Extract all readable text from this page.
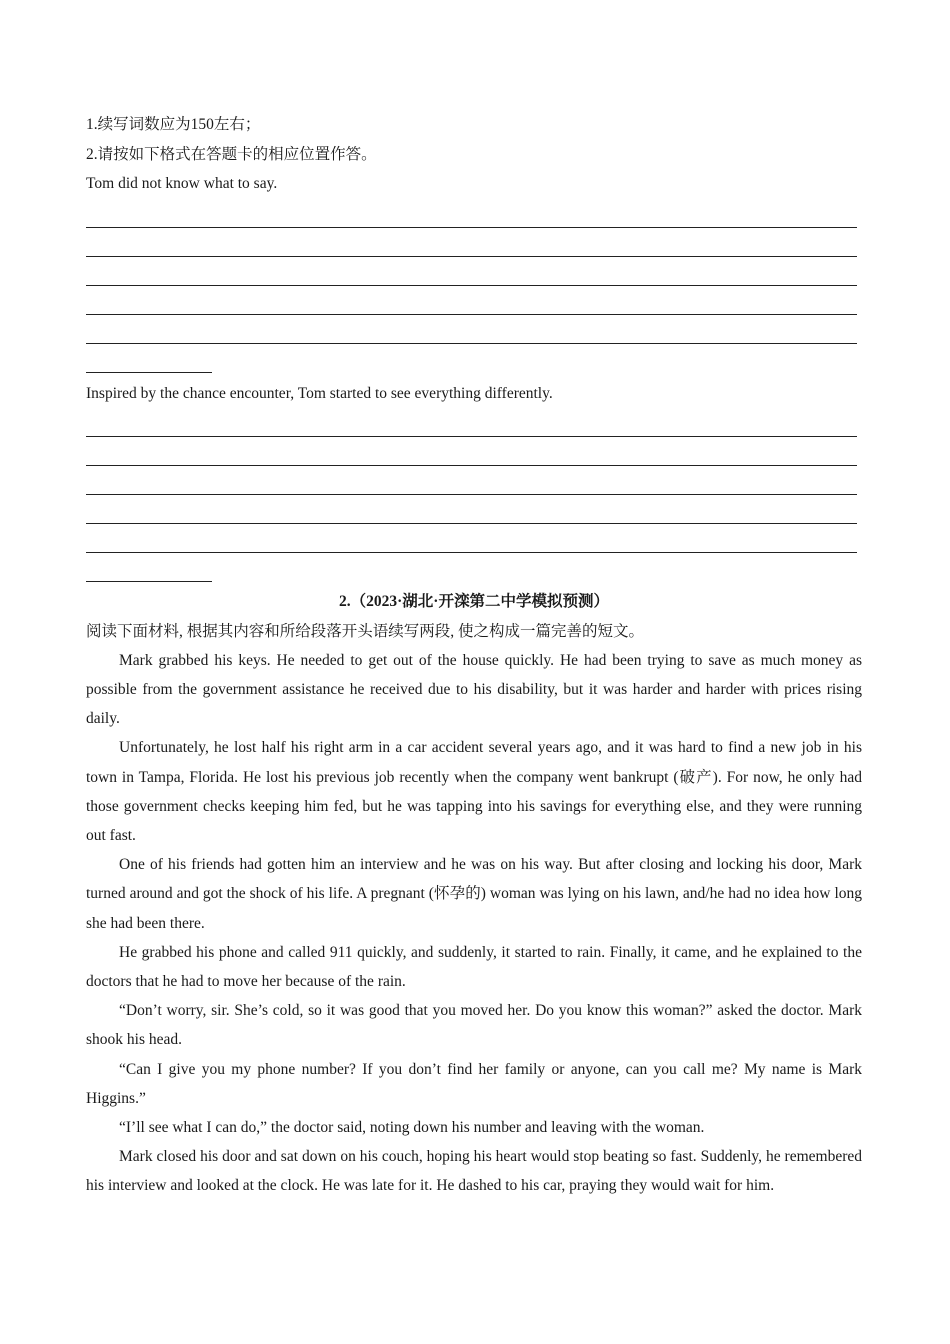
1.续写词数应为150左右；
2.请按如下格式在答题卡的相应位置作答。
Tom did not know what to say.
Inspired by the chance encounter, Tom started to see everything differently.
2.（2023·湖北·开滦第二中学模拟预测）

阅读下面材料, 根据其内容和所给段落开头语续写两段, 使之构成一篇完善的短文。

Mark grabbed his keys. He needed to get out of the house quickly. He had been trying to save as much money as possible from the government assistance he received due to his disability, but it was harder and harder with prices rising daily.

Unfortunately, he lost half his right arm in a car accident several years ago, and it was hard to find a new job in his town in Tampa, Florida. He lost his previous job recently when the company went bankrupt (破产). For now, he only had those government checks keeping him fed, but he was tapping into his savings for everything else, and they were running out fast.

One of his friends had gotten him an interview and he was on his way. But after closing and locking his door, Mark turned around and got the shock of his life. A pregnant (怀孕的) woman was lying on his lawn, and/he had no idea how long she had been there.

He grabbed his phone and called 911 quickly, and suddenly, it started to rain. Finally, it came, and he explained to the doctors that he had to move her because of the rain.

“Don’t worry, sir. She’s cold, so it was good that you moved her. Do you know this woman?” asked the doctor. Mark shook his head.

“Can I give you my phone number? If you don’t find her family or anyone, can you call me? My name is Mark Higgins.”

“I’ll see what I can do,” the doctor said, noting down his number and leaving with the woman.

Mark closed his door and sat down on his couch, hoping his heart would stop beating so fast. Suddenly, he remembered his interview and looked at the clock. He was late for it. He dashed to his car, praying they would wait for him.
